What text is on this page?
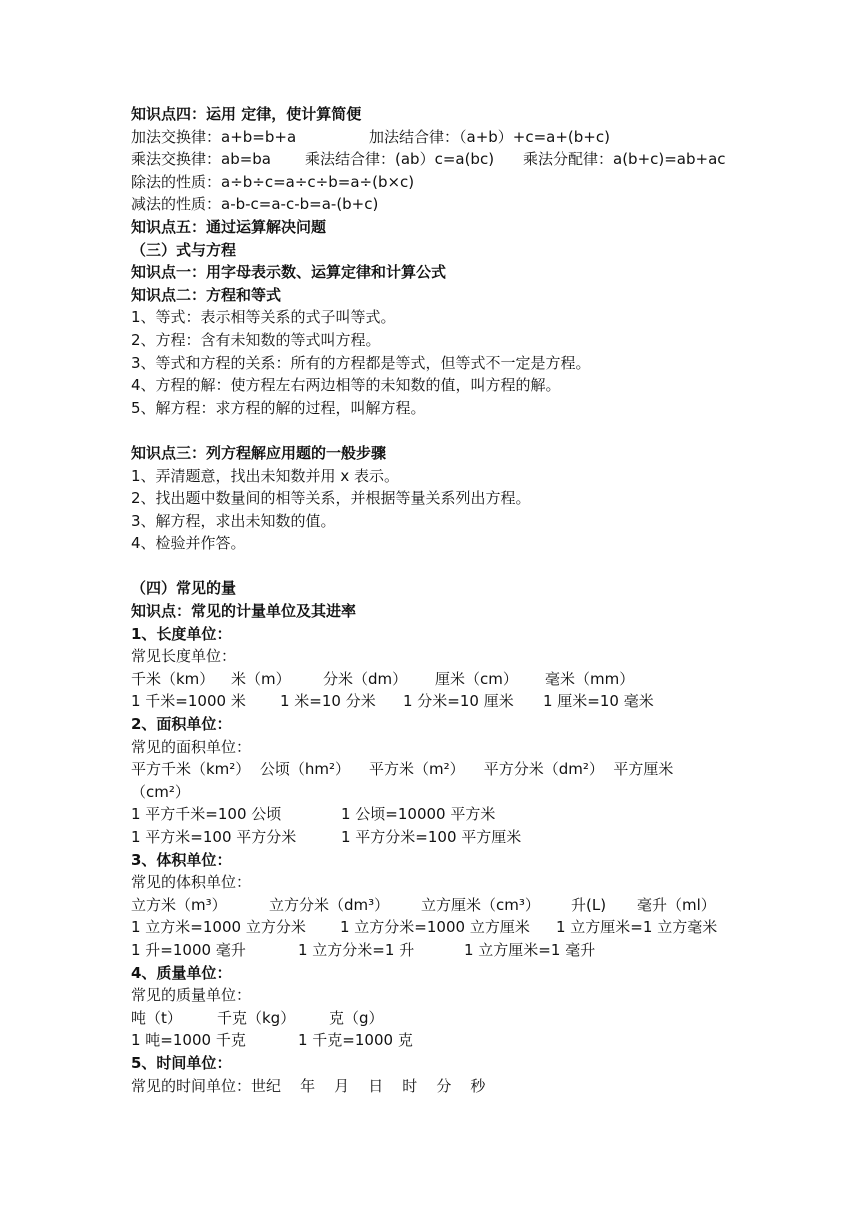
知识点四：运用 定律，使计算简便
加法交换律：a+b=b+a	加法结合律：（a+b）+c=a+(b+c)
乘法交换律：ab=ba 乘法结合律：(ab）c=a(bc) 乘法分配律：a(b+c)=ab+ac
除法的性质：a÷b÷c=a÷c÷b=a÷(b×c)
减法的性质：a-b-c=a-c-b=a-(b+c)
知识点五：通过运算解决问题
（三）式与方程
知识点一：用字母表示数、运算定律和计算公式
知识点二：方程和等式
1、等式：表示相等关系的式子叫等式。
2、方程：含有未知数的等式叫方程。
3、等式和方程的关系：所有的方程都是等式，但等式不一定是方程。
4、方程的解：使方程左右两边相等的未知数的值，叫方程的解。
5、解方程：求方程的解的过程，叫解方程。
知识点三：列方程解应用题的一般步骤
1、弄清题意，找出未知数并用 x 表示。
2、找出题中数量间的相等关系，并根据等量关系列出方程。
3、解方程，求出未知数的值。
4、检验并作答。
（四）常见的量
知识点：常见的计量单位及其进率
1、长度单位：
常见长度单位：
千米（km） 米（m） 分米（dm） 厘米（cm） 毫米（mm）
1 千米=1000 米 1 米=10 分米 1 分米=10 厘米 1 厘米=10 毫米
2、面积单位：
常见的面积单位：
平方千米（km²）  公顷（hm²）    平方米（m²）    平方分米（dm²）  平方厘米
（cm²）
1 平方千米=100 公顷	1 公顷=10000 平方米
1 平方米=100 平方分米	1 平方分米=100 平方厘米
3、体积单位：
常见的体积单位：
立方米（m³）	立方分米（dm³） 立方厘米（cm³） 升(L) 毫升（ml）
1 立方米=1000 立方分米 1 立方分米=1000 立方厘米 1 立方厘米=1 立方毫米
1 升=1000 毫升	1 立方分米=1 升	1 立方厘米=1 毫升
4、质量单位：
常见的质量单位：
吨（t） 千克（kg） 克（g）
1 吨=1000 千克	1 千克=1000 克
5、时间单位：
常见的时间单位：世纪    年    月    日    时    分    秒
